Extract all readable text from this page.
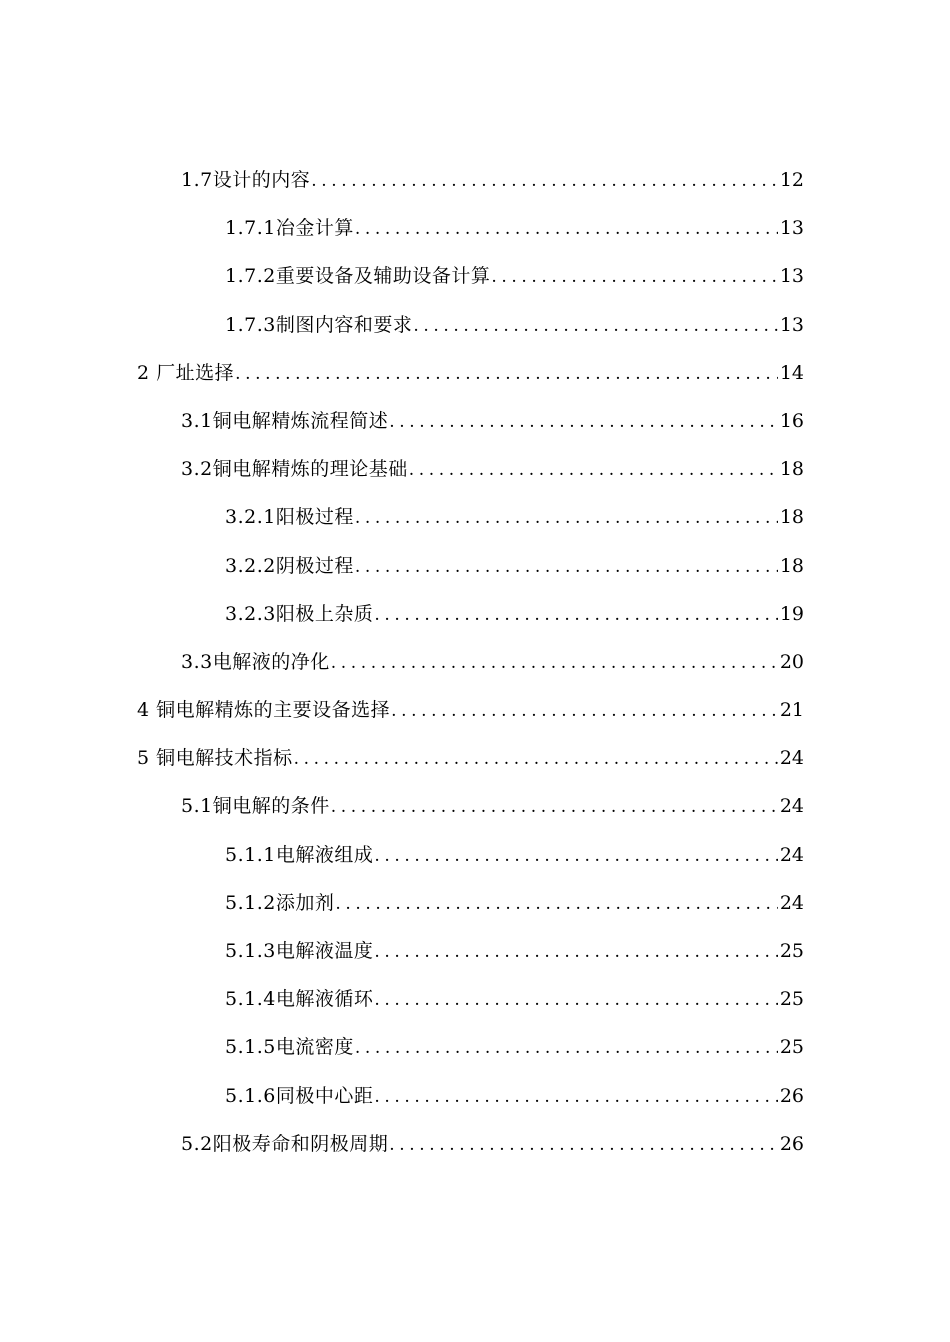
1.7设计的内容 .....	12
1.7.1冶金计算 .....	13
1.7.2重要设备及辅助设备计算 .....	13
1.7.3制图内容和要求 .....	13
2 厂址选择 .....	14
3.1铜电解精炼流程简述 .....	16
3.2铜电解精炼的理论基础 .....	18
3.2.1阳极过程 .....	18
3.2.2阴极过程 .....	18
3.2.3阳极上杂质 .....	19
3.3电解液的净化 .....	20
4 铜电解精炼的主要设备选择 .....	21
5 铜电解技术指标 .....	24
5.1铜电解的条件 .....	24
5.1.1电解液组成 .....	24
5.1.2添加剂 .....	24
5.1.3电解液温度 .....	25
5.1.4电解液循环 .....	25
5.1.5电流密度 .....	25
5.1.6同极中心距 .....	26
5.2阳极寿命和阴极周期 .....	26
